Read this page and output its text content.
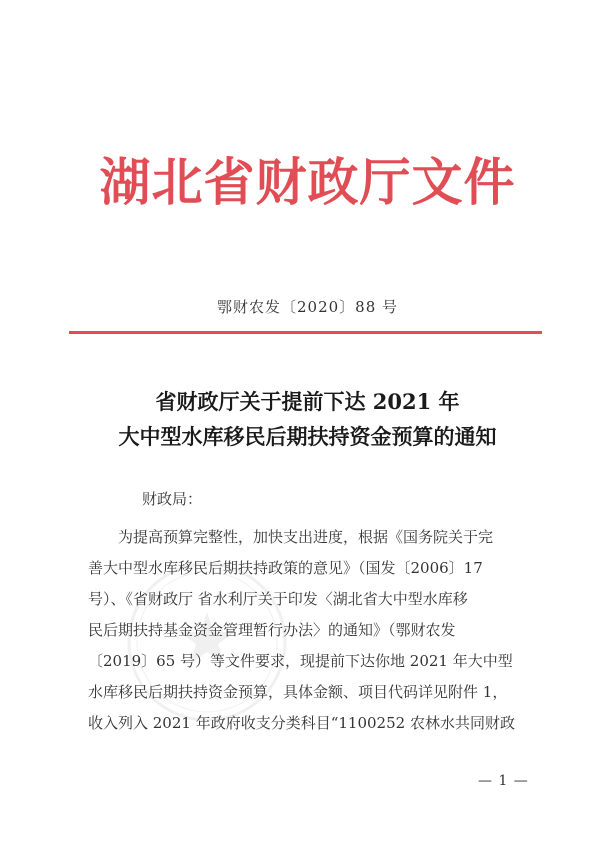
湖北省财政厅文件
鄂财农发〔2020〕88 号
省财政厅关于提前下达 2021 年
大中型水库移民后期扶持资金预算的通知
财政局：
为提高预算完整性，加快支出进度，根据《国务院关于完
善大中型水库移民后期扶持政策的意见》（国发〔2006〕17
号）、《省财政厅 省水利厅关于印发〈湖北省大中型水库移
民后期扶持基金资金管理暂行办法〉的通知》（鄂财农发
〔2019〕65 号）等文件要求，现提前下达你地 2021 年大中型
水库移民后期扶持资金预算，具体金额、项目代码详见附件 1，
收入列入 2021 年政府收支分类科目“1100252 农林水共同财政
— 1 —
